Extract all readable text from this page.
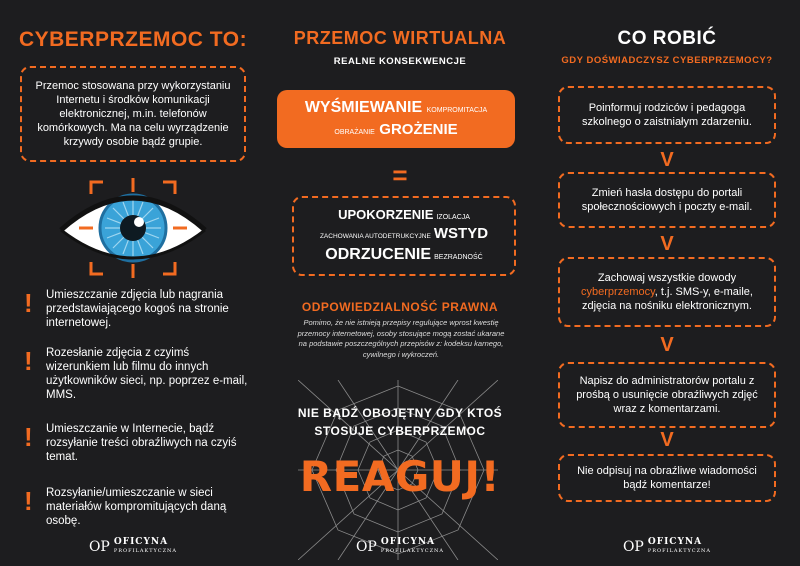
CYBERPRZEMOC TO:
Przemoc stosowana przy wykorzystaniu Internetu i środków komunikacji elektronicznej, m.in. telefonów komórkowych. Ma na celu wyrządzenie krzywdy osobie bądź grupie.
!	Umieszczanie zdjęcia lub nagrania przedstawiającego kogoś na stronie internetowej.
!	Rozesłanie zdjęcia z czyimś wizerunkiem lub filmu do innych użytkowników sieci, np. poprzez e-mail, MMS.
!	Umieszczanie w Internecie, bądź rozsyłanie treści obraźliwych na czyiś temat.
!	Rozsyłanie/umieszczanie w sieci materiałów kompromitujących daną osobę.
OP OFICYNA
PROFILAKTYCZNA
PRZEMOC WIRTUALNA
REALNE KONSEKWENCJE
WYŚMIEWANIE KOMPROMITACJA
OBRAŻANIE GROŻENIE
=
UPOKORZENIE IZOLACJA
ZACHOWANIA AUTODETRUKCYJNE WSTYD
ODRZUCENIE BEZRADNOŚĆ
ODPOWIEDZIALNOŚĆ PRAWNA
Pomimo, że nie istnieją przepisy regulujące wprost kwestię przemocy internetowej, osoby stosujące mogą zostać ukarane na podstawie poszczególnych przepisów z: kodeksu karnego, cywilnego i wykroczeń.
NIE BĄDŹ OBOJĘTNY GDY KTOŚ
STOSUJE CYBERPRZEMOC
REAGUJ!
OP OFICYNA
PROFILAKTYCZNA
CO ROBIĆ
GDY DOŚWIADCZYSZ CYBERPRZEMOCY?
Poinformuj rodziców i pedagoga szkolnego o zaistniałym zdarzeniu.
V
Zmień hasła dostępu do portali społecznościowych i poczty e-mail.
V
Zachowaj wszystkie dowody
cyberprzemocy, t.j. SMS-y, e-maile, zdjęcia na nośniku elektronicznym.
V
Napisz do administratorów portalu z prośbą o usunięcie obraźliwych zdjęć wraz z komentarzami.
V
Nie odpisuj na obraźliwe wiadomości bądź komentarze!
OP OFICYNA
PROFILAKTYCZNA
